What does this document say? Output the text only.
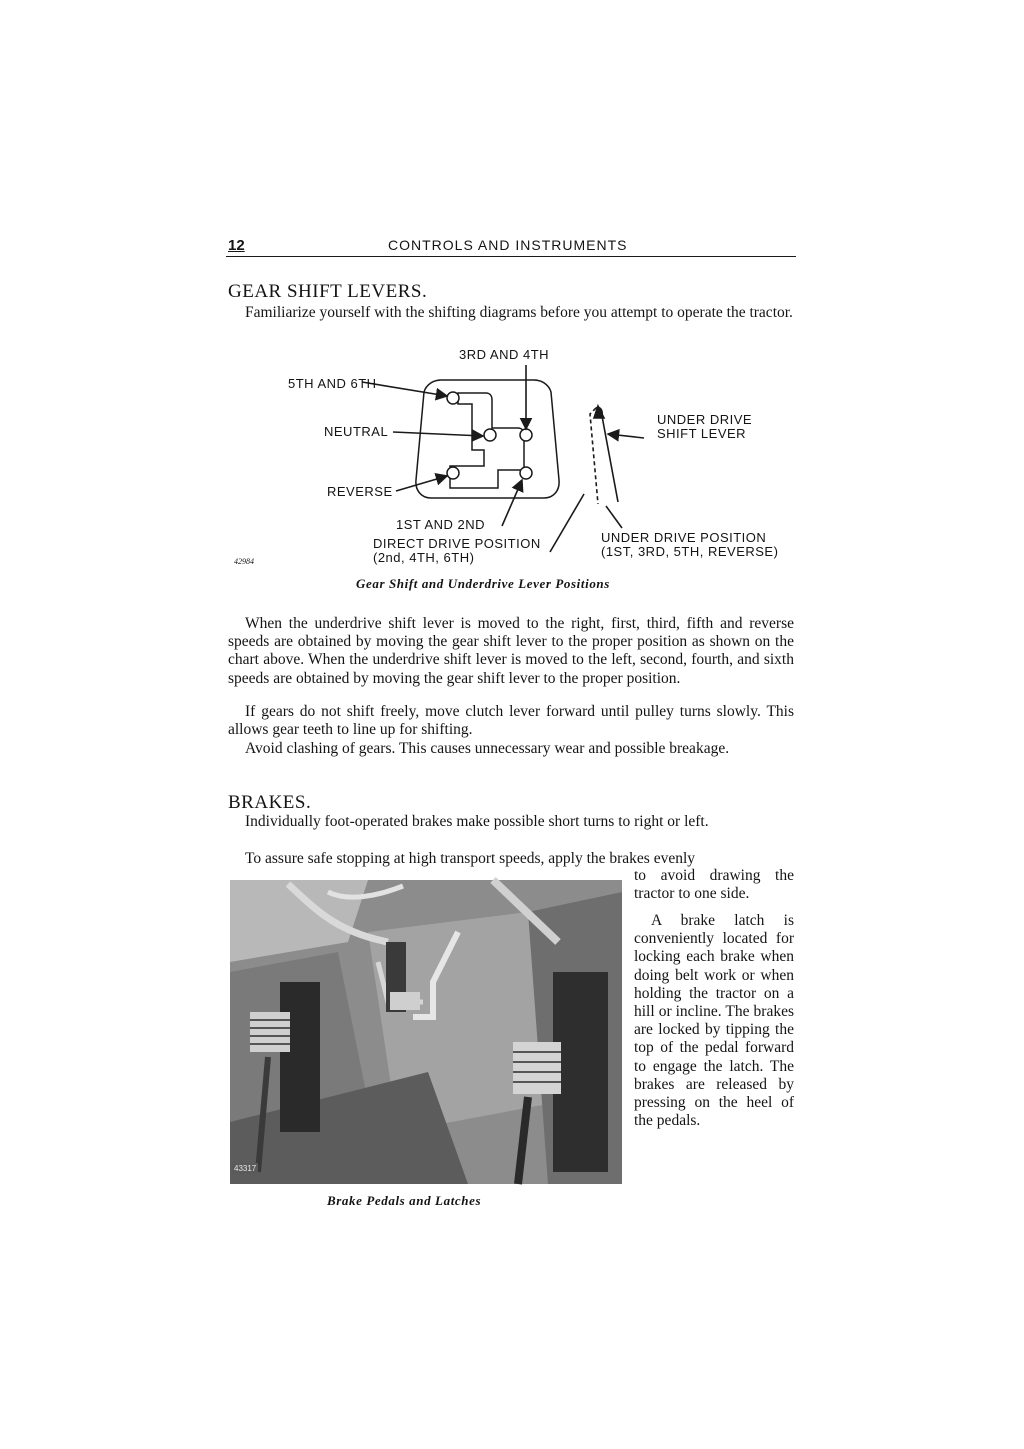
12	CONTROLS AND INSTRUMENTS
GEAR SHIFT LEVERS.

Familiarize yourself with the shifting diagrams before you attempt to operate the tractor.

3RD AND 4TH

5TH AND 6TH

NEUTRAL

REVERSE

1ST AND 2ND

DIRECT DRIVE POSITION

(2nd, 4TH, 6TH)

UNDER DRIVE

SHIFT LEVER

UNDER DRIVE POSITION

(1ST, 3RD, 5TH, REVERSE)

42984

Gear Shift and Underdrive Lever Positions

When the underdrive shift lever is moved to the right, first, third, fifth and reverse speeds are obtained by moving the gear shift lever to the proper position as shown on the chart above. When the underdrive shift lever is moved to the left, second, fourth, and sixth speeds are obtained by moving the gear shift lever to the proper position.

If gears do not shift freely, move clutch lever forward until pulley turns slowly. This allows gear teeth to line up for shifting.

Avoid clashing of gears. This causes unnecessary wear and possible breakage.

BRAKES.

Individually foot-operated brakes make possible short turns to right or left.

To assure safe stopping at high transport speeds, apply the brakes evenly

43317

Brake Pedals and Latches

to avoid drawing the tractor to one side.

A brake latch is conveniently located for locking each brake when doing belt work or when holding the tractor on a hill or incline. The brakes are locked by tipping the top of the pedal forward to engage the latch. The brakes are released by pressing on the heel of the pedals.
